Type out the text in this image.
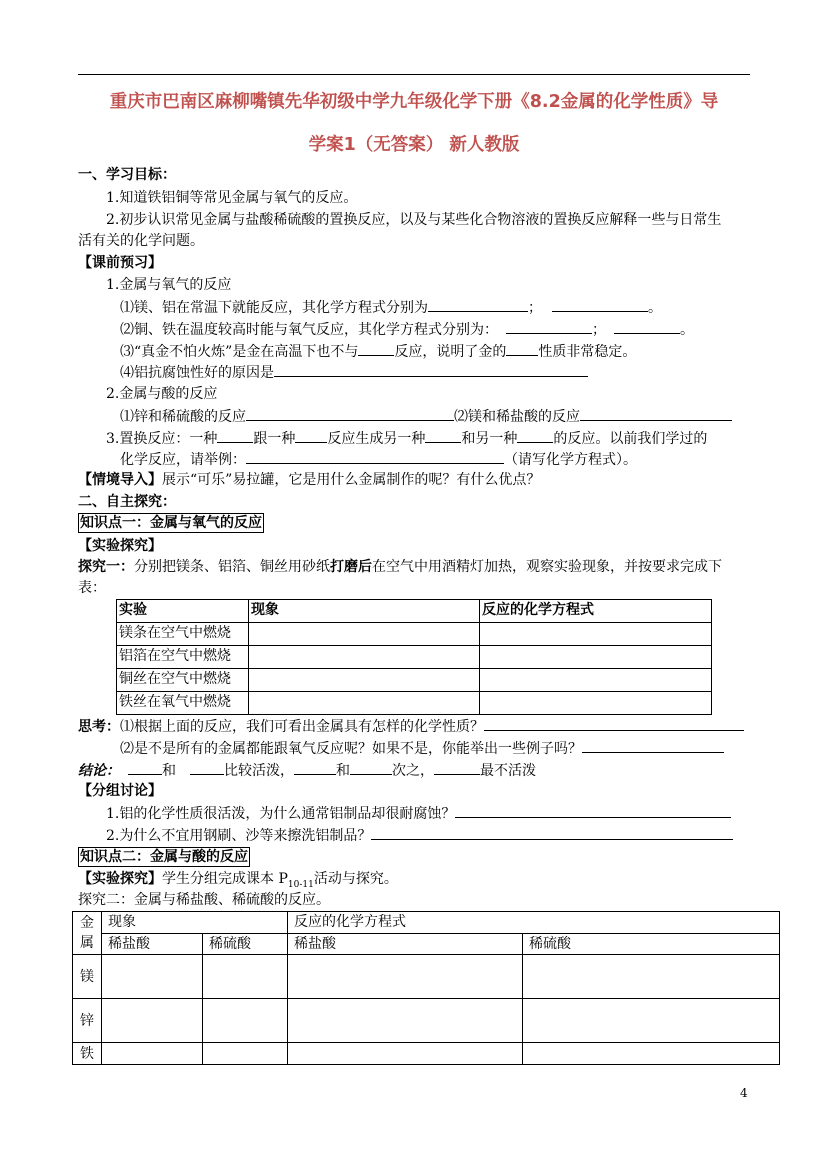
重庆市巴南区麻柳嘴镇先华初级中学九年级化学下册《8.2金属的化学性质》导
学案1（无答案） 新人教版
一、学习目标：
1.知道铁铝铜等常见金属与氧气的反应。
2.初步认识常见金属与盐酸稀硫酸的置换反应，以及与某些化合物溶液的置换反应解释一些与日常生
活有关的化学问题。
【课前预习】
1.金属与氧气的反应
⑴镁、铝在常温下就能反应，其化学方程式分别为	；	。
⑵铜、铁在温度较高时能与氧气反应，其化学方程式分别为：	；	。
⑶“真金不怕火炼”是金在高温下也不与	反应，说明了金的 性质非常稳定。
⑷铝抗腐蚀性好的原因是
2.金属与酸的反应
⑴锌和稀硫酸的反应	⑵镁和稀盐酸的反应
3.置换反应：一种	跟一种 反应生成另一种	和另一种	的反应。以前我们学过的
化学反应，请举例：	（请写化学方程式）。
【情境导入】展示“可乐”易拉罐，它是用什么金属制作的呢？有什么优点？
二、自主探究：
知识点一：金属与氧气的反应
【实验探究】
探究一：分别把镁条、铝箔、铜丝用砂纸打磨后在空气中用酒精灯加热，观察实验现象，并按要求完成下
表：
实验	现象	反应的化学方程式
镁条在空气中燃烧		
铝箔在空气中燃烧		
铜丝在空气中燃烧		
铁丝在氧气中燃烧		
思考：⑴根据上面的反应，我们可看出金属具有怎样的化学性质？
⑵是不是所有的金属都能跟氧气反应呢？如果不是，你能举出一些例子吗？
结论：	和	比较活泼，	和	次之，	最不活泼
【分组讨论】
1.铝的化学性质很活泼，为什么通常铝制品却很耐腐蚀？
2.为什么不宜用钢刷、沙等来擦洗铝制品？
知识点二：金属与酸的反应
【实验探究】学生分组完成课本 $P_{10-11}$活动与探究。
探究二：金属与稀盐酸、稀硫酸的反应。
金
属	现象		反应的化学方程式	
	稀盐酸	稀硫酸	稀盐酸	稀硫酸
镁				
锌				
铁				
4
